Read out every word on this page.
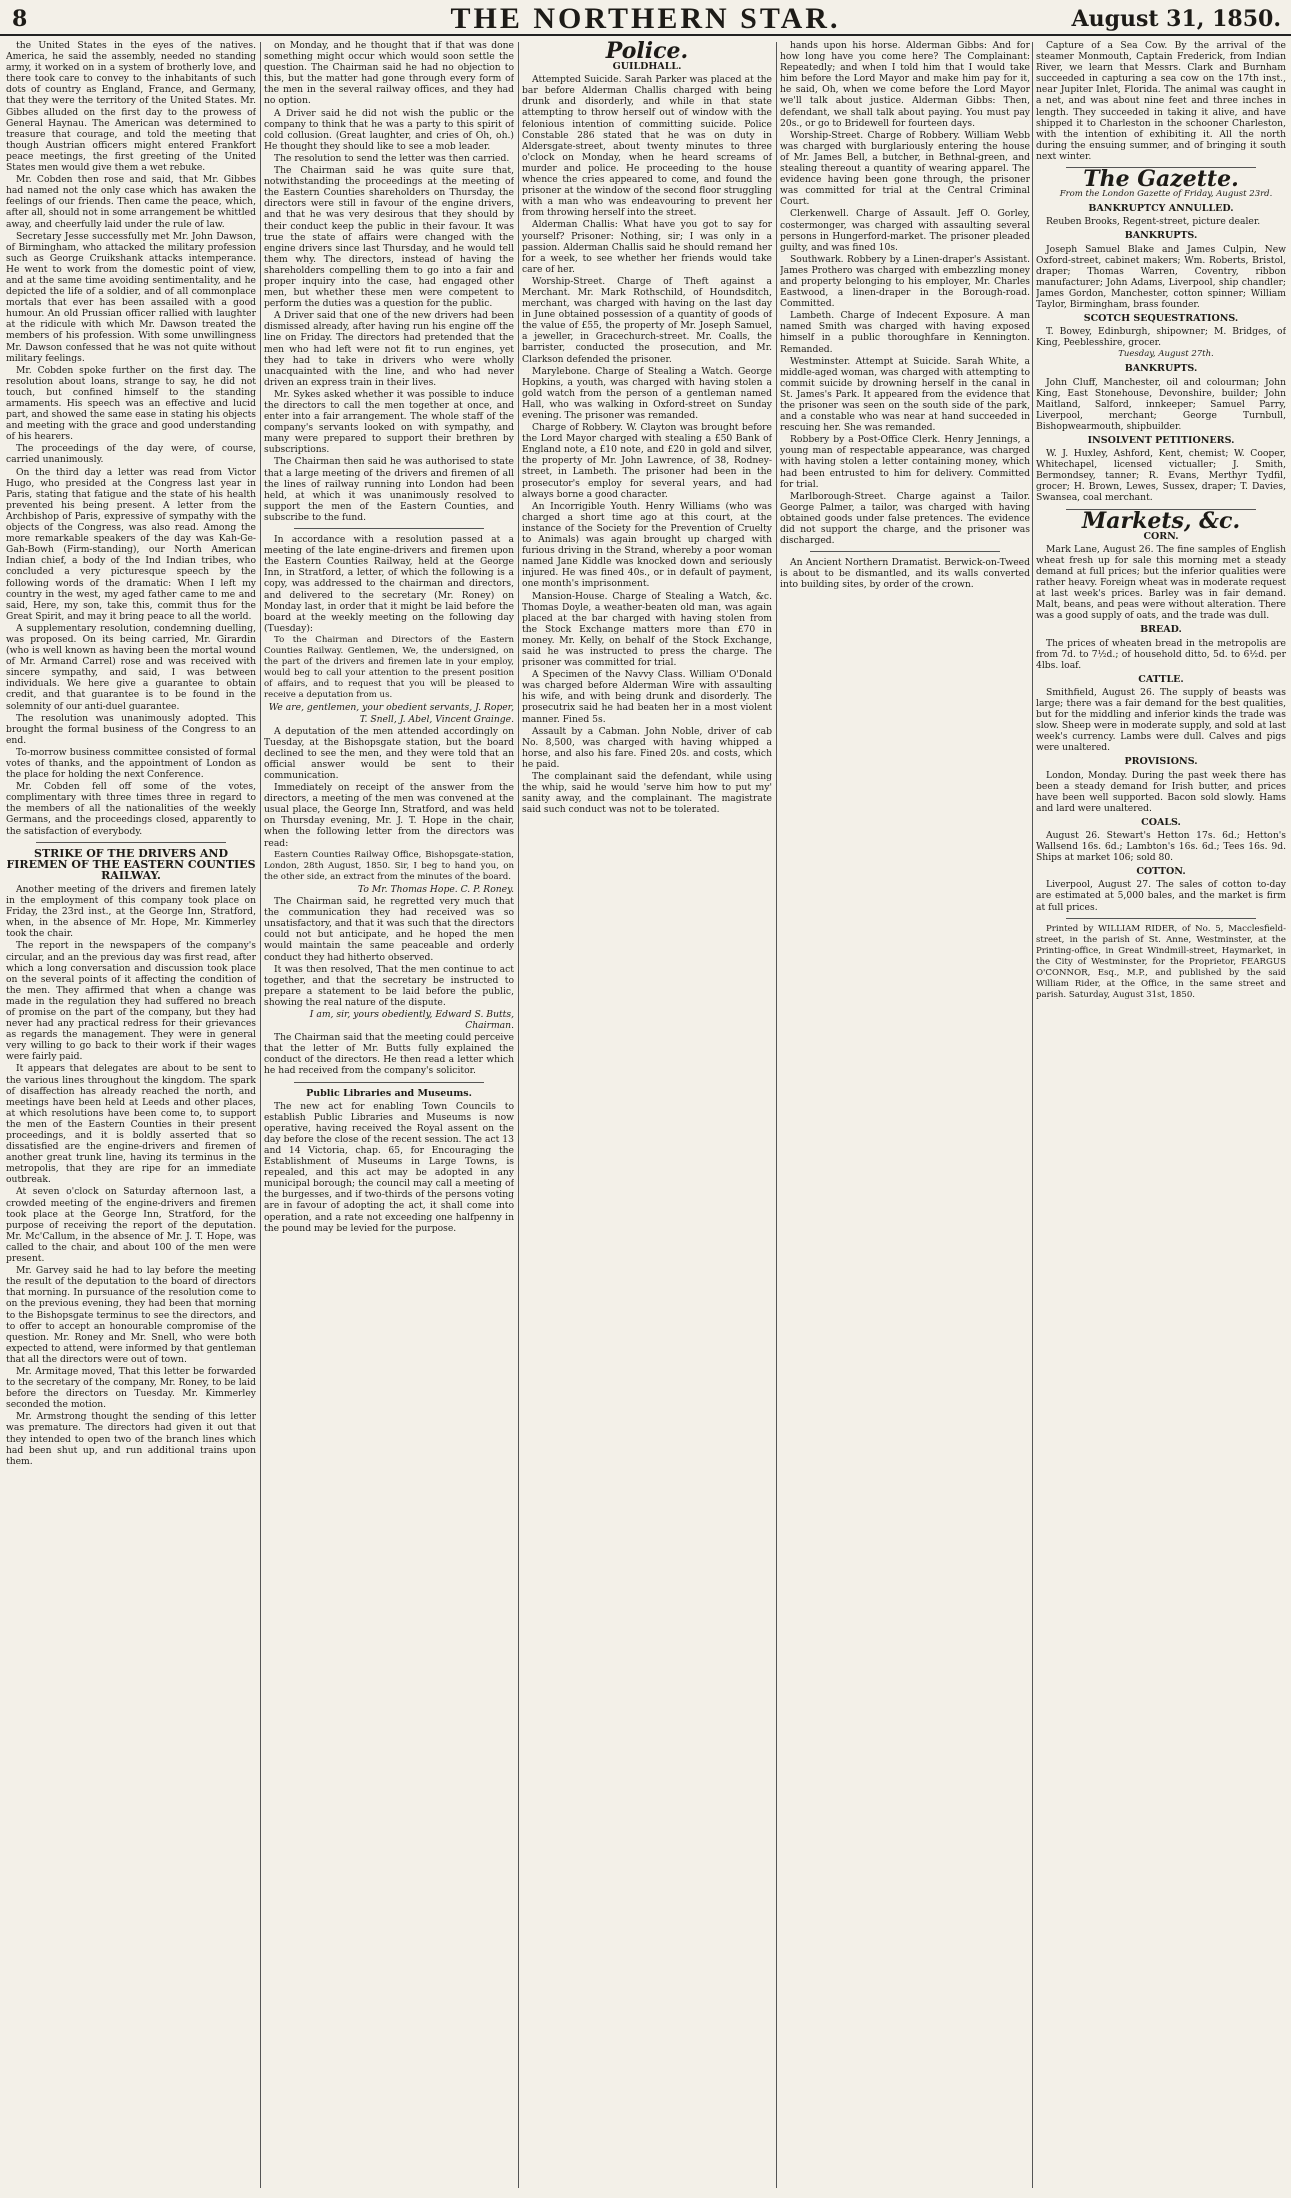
8	THE NORTHERN STAR.	August 31, 1850.

the United States in the eyes of the natives. America, he said the assembly, needed no standing army, it worked on in a system of brotherly love, and there took care to convey to the inhabitants of such dots of country as England, France, and Germany, that they were the territory of the United States. Mr. Gibbes alluded on the first day to the prowess of General Haynau. The American was determined to treasure that courage, and told the meeting that though Austrian officers might entered Frankfort peace meetings, the first greeting of the United States men would give them a wet rebuke.

Mr. Cobden then rose and said, that Mr. Gibbes had named not the only case which has awaken the feelings of our friends. Then came the peace, which, after all, should not in some arrangement be whittled away, and cheerfully laid under the rule of law.

Secretary Jesse successfully met Mr. John Dawson, of Birmingham, who attacked the military profession such as George Cruikshank attacks intemperance. He went to work from the domestic point of view, and at the same time avoiding sentimentality, and he depicted the life of a soldier, and of all commonplace mortals that ever has been assailed with a good humour. An old Prussian officer rallied with laughter at the ridicule with which Mr. Dawson treated the members of his profession. With some unwillingness Mr. Dawson confessed that he was not quite without military feelings.

Mr. Cobden spoke further on the first day. The resolution about loans, strange to say, he did not touch, but confined himself to the standing armaments. His speech was an effective and lucid part, and showed the same ease in stating his objects and meeting with the grace and good understanding of his hearers.

The proceedings of the day were, of course, carried unanimously.

On the third day a letter was read from Victor Hugo, who presided at the Congress last year in Paris, stating that fatigue and the state of his health prevented his being present. A letter from the Archbishop of Paris, expressive of sympathy with the objects of the Congress, was also read. Among the more remarkable speakers of the day was Kah-Ge-Gah-Bowh (Firm-standing), our North American Indian chief, a body of the Ind Indian tribes, who concluded a very picturesque speech by the following words of the dramatic: When I left my country in the west, my aged father came to me and said, Here, my son, take this, commit thus for the Great Spirit, and may it bring peace to all the world.

A supplementary resolution, condemning duelling, was proposed. On its being carried, Mr. Girardin (who is well known as having been the mortal wound of Mr. Armand Carrel) rose and was received with sincere sympathy, and said, I was between individuals. We here give a guarantee to obtain credit, and that guarantee is to be found in the solemnity of our anti-duel guarantee.

The resolution was unanimously adopted. This brought the formal business of the Congress to an end.

To-morrow business committee consisted of formal votes of thanks, and the appointment of London as the place for holding the next Conference.

Mr. Cobden fell off some of the votes, complimentary with three times three in regard to the members of all the nationalities of the weekly Germans, and the proceedings closed, apparently to the satisfaction of everybody.

STRIKE OF THE DRIVERS AND FIREMEN OF THE EASTERN COUNTIES RAILWAY.

Another meeting of the drivers and firemen lately in the employment of this company took place on Friday, the 23rd inst., at the George Inn, Stratford, when, in the absence of Mr. Hope, Mr. Kimmerley took the chair.

The report in the newspapers of the company's circular, and an the previous day was first read, after which a long conversation and discussion took place on the several points of it affecting the condition of the men. They affirmed that when a change was made in the regulation they had suffered no breach of promise on the part of the company, but they had never had any practical redress for their grievances as regards the management. They were in general very willing to go back to their work if their wages were fairly paid.

It appears that delegates are about to be sent to the various lines throughout the kingdom. The spark of disaffection has already reached the north, and meetings have been held at Leeds and other places, at which resolutions have been come to, to support the men of the Eastern Counties in their present proceedings, and it is boldly asserted that so dissatisfied are the engine-drivers and firemen of another great trunk line, having its terminus in the metropolis, that they are ripe for an immediate outbreak.

At seven o'clock on Saturday afternoon last, a crowded meeting of the engine-drivers and firemen took place at the George Inn, Stratford, for the purpose of receiving the report of the deputation. Mr. Mc'Callum, in the absence of Mr. J. T. Hope, was called to the chair, and about 100 of the men were present.

Mr. Garvey said he had to lay before the meeting the result of the deputation to the board of directors that morning. In pursuance of the resolution come to on the previous evening, they had been that morning to the Bishopsgate terminus to see the directors, and to offer to accept an honourable compromise of the question. Mr. Roney and Mr. Snell, who were both expected to attend, were informed by that gentleman that all the directors were out of town.

Mr. Armitage moved, That this letter be forwarded to the secretary of the company, Mr. Roney, to be laid before the directors on Tuesday. Mr. Kimmerley seconded the motion.

Mr. Armstrong thought the sending of this letter was premature. The directors had given it out that they intended to open two of the branch lines which had been shut up, and run additional trains upon them.

on Monday, and he thought that if that was done something might occur which would soon settle the question. The Chairman said he had no objection to this, but the matter had gone through every form of the men in the several railway offices, and they had no option.

A Driver said he did not wish the public or the company to think that he was a party to this spirit of cold collusion. (Great laughter, and cries of Oh, oh.) He thought they should like to see a mob leader.

The resolution to send the letter was then carried.

The Chairman said he was quite sure that, notwithstanding the proceedings at the meeting of the Eastern Counties shareholders on Thursday, the directors were still in favour of the engine drivers, and that he was very desirous that they should by their conduct keep the public in their favour. It was true the state of affairs were changed with the engine drivers since last Thursday, and he would tell them why. The directors, instead of having the shareholders compelling them to go into a fair and proper inquiry into the case, had engaged other men, but whether these men were competent to perform the duties was a question for the public.

A Driver said that one of the new drivers had been dismissed already, after having run his engine off the line on Friday. The directors had pretended that the men who had left were not fit to run engines, yet they had to take in drivers who were wholly unacquainted with the line, and who had never driven an express train in their lives.

Mr. Sykes asked whether it was possible to induce the directors to call the men together at once, and enter into a fair arrangement. The whole staff of the company's servants looked on with sympathy, and many were prepared to support their brethren by subscriptions.

The Chairman then said he was authorised to state that a large meeting of the drivers and firemen of all the lines of railway running into London had been held, at which it was unanimously resolved to support the men of the Eastern Counties, and subscribe to the fund.

In accordance with a resolution passed at a meeting of the late engine-drivers and firemen upon the Eastern Counties Railway, held at the George Inn, in Stratford, a letter, of which the following is a copy, was addressed to the chairman and directors, and delivered to the secretary (Mr. Roney) on Monday last, in order that it might be laid before the board at the weekly meeting on the following day (Tuesday):

To the Chairman and Directors of the Eastern Counties Railway. Gentlemen, We, the undersigned, on the part of the drivers and firemen late in your employ, would beg to call your attention to the present position of affairs, and to request that you will be pleased to receive a deputation from us.

We are, gentlemen, your obedient servants, J. Roper, T. Snell, J. Abel, Vincent Grainge.

A deputation of the men attended accordingly on Tuesday, at the Bishopsgate station, but the board declined to see the men, and they were told that an official answer would be sent to their communication.

Immediately on receipt of the answer from the directors, a meeting of the men was convened at the usual place, the George Inn, Stratford, and was held on Thursday evening, Mr. J. T. Hope in the chair, when the following letter from the directors was read:

Eastern Counties Railway Office, Bishopsgate-station, London, 28th August, 1850. Sir, I beg to hand you, on the other side, an extract from the minutes of the board.

To Mr. Thomas Hope. C. P. Roney.

The Chairman said, he regretted very much that the communication they had received was so unsatisfactory, and that it was such that the directors could not but anticipate, and he hoped the men would maintain the same peaceable and orderly conduct they had hitherto observed.

It was then resolved, That the men continue to act together, and that the secretary be instructed to prepare a statement to be laid before the public, showing the real nature of the dispute.

I am, sir, yours obediently, Edward S. Butts, Chairman.

The Chairman said that the meeting could perceive that the letter of Mr. Butts fully explained the conduct of the directors. He then read a letter which he had received from the company's solicitor.

Public Libraries and Museums.

The new act for enabling Town Councils to establish Public Libraries and Museums is now operative, having received the Royal assent on the day before the close of the recent session. The act 13 and 14 Victoria, chap. 65, for Encouraging the Establishment of Museums in Large Towns, is repealed, and this act may be adopted in any municipal borough; the council may call a meeting of the burgesses, and if two-thirds of the persons voting are in favour of adopting the act, it shall come into operation, and a rate not exceeding one halfpenny in the pound may be levied for the purpose.

Police.
GUILDHALL.

Attempted Suicide. Sarah Parker was placed at the bar before Alderman Challis charged with being drunk and disorderly, and while in that state attempting to throw herself out of window with the felonious intention of committing suicide. Police Constable 286 stated that he was on duty in Aldersgate-street, about twenty minutes to three o'clock on Monday, when he heard screams of murder and police. He proceeding to the house whence the cries appeared to come, and found the prisoner at the window of the second floor struggling with a man who was endeavouring to prevent her from throwing herself into the street.

Alderman Challis: What have you got to say for yourself? Prisoner: Nothing, sir; I was only in a passion. Alderman Challis said he should remand her for a week, to see whether her friends would take care of her.

Worship-Street. Charge of Theft against a Merchant. Mr. Mark Rothschild, of Houndsditch, merchant, was charged with having on the last day in June obtained possession of a quantity of goods of the value of £55, the property of Mr. Joseph Samuel, a jeweller, in Gracechurch-street. Mr. Coalls, the barrister, conducted the prosecution, and Mr. Clarkson defended the prisoner.

Marylebone. Charge of Stealing a Watch. George Hopkins, a youth, was charged with having stolen a gold watch from the person of a gentleman named Hall, who was walking in Oxford-street on Sunday evening. The prisoner was remanded.

Charge of Robbery. W. Clayton was brought before the Lord Mayor charged with stealing a £50 Bank of England note, a £10 note, and £20 in gold and silver, the property of Mr. John Lawrence, of 38, Rodney-street, in Lambeth. The prisoner had been in the prosecutor's employ for several years, and had always borne a good character.

An Incorrigible Youth. Henry Williams (who was charged a short time ago at this court, at the instance of the Society for the Prevention of Cruelty to Animals) was again brought up charged with furious driving in the Strand, whereby a poor woman named Jane Kiddle was knocked down and seriously injured. He was fined 40s., or in default of payment, one month's imprisonment.

Mansion-House. Charge of Stealing a Watch, &c. Thomas Doyle, a weather-beaten old man, was again placed at the bar charged with having stolen from the Stock Exchange matters more than £70 in money. Mr. Kelly, on behalf of the Stock Exchange, said he was instructed to press the charge. The prisoner was committed for trial.

A Specimen of the Navvy Class. William O'Donald was charged before Alderman Wire with assaulting his wife, and with being drunk and disorderly. The prosecutrix said he had beaten her in a most violent manner. Fined 5s.

Assault by a Cabman. John Noble, driver of cab No. 8,500, was charged with having whipped a horse, and also his fare. Fined 20s. and costs, which he paid.

The complainant said the defendant, while using the whip, said he would 'serve him how to put my' sanity away, and the complainant. The magistrate said such conduct was not to be tolerated.

hands upon his horse. Alderman Gibbs: And for how long have you come here? The Complainant: Repeatedly; and when I told him that I would take him before the Lord Mayor and make him pay for it, he said, Oh, when we come before the Lord Mayor we'll talk about justice. Alderman Gibbs: Then, defendant, we shall talk about paying. You must pay 20s., or go to Bridewell for fourteen days.

Worship-Street. Charge of Robbery. William Webb was charged with burglariously entering the house of Mr. James Bell, a butcher, in Bethnal-green, and stealing thereout a quantity of wearing apparel. The evidence having been gone through, the prisoner was committed for trial at the Central Criminal Court.

Clerkenwell. Charge of Assault. Jeff O. Gorley, costermonger, was charged with assaulting several persons in Hungerford-market. The prisoner pleaded guilty, and was fined 10s.

Southwark. Robbery by a Linen-draper's Assistant. James Prothero was charged with embezzling money and property belonging to his employer, Mr. Charles Eastwood, a linen-draper in the Borough-road. Committed.

Lambeth. Charge of Indecent Exposure. A man named Smith was charged with having exposed himself in a public thoroughfare in Kennington. Remanded.

Westminster. Attempt at Suicide. Sarah White, a middle-aged woman, was charged with attempting to commit suicide by drowning herself in the canal in St. James's Park. It appeared from the evidence that the prisoner was seen on the south side of the park, and a constable who was near at hand succeeded in rescuing her. She was remanded.

Robbery by a Post-Office Clerk. Henry Jennings, a young man of respectable appearance, was charged with having stolen a letter containing money, which had been entrusted to him for delivery. Committed for trial.

Marlborough-Street. Charge against a Tailor. George Palmer, a tailor, was charged with having obtained goods under false pretences. The evidence did not support the charge, and the prisoner was discharged.

An Ancient Northern Dramatist. Berwick-on-Tweed is about to be dismantled, and its walls converted into building sites, by order of the crown.

Capture of a Sea Cow. By the arrival of the steamer Monmouth, Captain Frederick, from Indian River, we learn that Messrs. Clark and Burnham succeeded in capturing a sea cow on the 17th inst., near Jupiter Inlet, Florida. The animal was caught in a net, and was about nine feet and three inches in length. They succeeded in taking it alive, and have shipped it to Charleston in the schooner Charleston, with the intention of exhibiting it. All the north during the ensuing summer, and of bringing it south next winter.

The Gazette.

From the London Gazette of Friday, August 23rd.

BANKRUPTCY ANNULLED.

Reuben Brooks, Regent-street, picture dealer.

BANKRUPTS.

Joseph Samuel Blake and James Culpin, New Oxford-street, cabinet makers; Wm. Roberts, Bristol, draper; Thomas Warren, Coventry, ribbon manufacturer; John Adams, Liverpool, ship chandler; James Gordon, Manchester, cotton spinner; William Taylor, Birmingham, brass founder.

SCOTCH SEQUESTRATIONS.

T. Bowey, Edinburgh, shipowner; M. Bridges, of King, Peeblesshire, grocer.

Tuesday, August 27th.

BANKRUPTS.

John Cluff, Manchester, oil and colourman; John King, East Stonehouse, Devonshire, builder; John Maitland, Salford, innkeeper; Samuel Parry, Liverpool, merchant; George Turnbull, Bishopwearmouth, shipbuilder.

INSOLVENT PETITIONERS.

W. J. Huxley, Ashford, Kent, chemist; W. Cooper, Whitechapel, licensed victualler; J. Smith, Bermondsey, tanner; R. Evans, Merthyr Tydfil, grocer; H. Brown, Lewes, Sussex, draper; T. Davies, Swansea, coal merchant.

Markets, &c.
CORN.

Mark Lane, August 26. The fine samples of English wheat fresh up for sale this morning met a steady demand at full prices; but the inferior qualities were rather heavy. Foreign wheat was in moderate request at last week's prices. Barley was in fair demand. Malt, beans, and peas were without alteration. There was a good supply of oats, and the trade was dull.

BREAD.

The prices of wheaten bread in the metropolis are from 7d. to 7½d.; of household ditto, 5d. to 6½d. per 4lbs. loaf.

CATTLE.

Smithfield, August 26. The supply of beasts was large; there was a fair demand for the best qualities, but for the middling and inferior kinds the trade was slow. Sheep were in moderate supply, and sold at last week's currency. Lambs were dull. Calves and pigs were unaltered.

PROVISIONS.

London, Monday. During the past week there has been a steady demand for Irish butter, and prices have been well supported. Bacon sold slowly. Hams and lard were unaltered.

COALS.

August 26. Stewart's Hetton 17s. 6d.; Hetton's Wallsend 16s. 6d.; Lambton's 16s. 6d.; Tees 16s. 9d. Ships at market 106; sold 80.

COTTON.

Liverpool, August 27. The sales of cotton to-day are estimated at 5,000 bales, and the market is firm at full prices.

Printed by WILLIAM RIDER, of No. 5, Macclesfield-street, in the parish of St. Anne, Westminster, at the Printing-office, in Great Windmill-street, Haymarket, in the City of Westminster, for the Proprietor, FEARGUS O'CONNOR, Esq., M.P., and published by the said William Rider, at the Office, in the same street and parish. Saturday, August 31st, 1850.
